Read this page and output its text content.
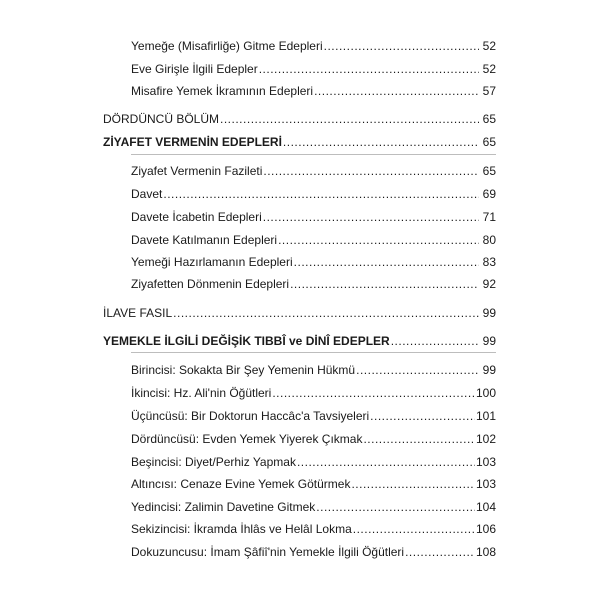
Yemeğe (Misafirliğe) Gitme Edepleri .....	52
Eve Girişle İlgili Edepler .....	52
Misafire Yemek İkramının Edepleri .....	57
DÖRDÜNCÜ BÖLÜM .....	65
ZİYAFET VERMENİN EDEPLERİ .....	65
Ziyafet Vermenin Fazileti .....	65
Davet .....	69
Davete İcabetin Edepleri .....	71
Davete Katılmanın Edepleri .....	80
Yemeği Hazırlamanın Edepleri .....	83
Ziyafetten Dönmenin Edepleri .....	92
İLAVE FASIL .....	99
YEMEKLE İLGİLİ DEĞİŞİK TIBBÎ ve DİNÎ EDEPLER .....	99
Birincisi: Sokakta Bir Şey Yemenin Hükmü .....	99
İkincisi: Hz. Ali'nin Öğütleri .....	100
Üçüncüsü: Bir Doktorun Haccâc'a Tavsiyeleri .....	101
Dördüncüsü: Evden Yemek Yiyerek Çıkmak .....	102
Beşincisi: Diyet/Perhiz Yapmak .....	103
Altıncısı: Cenaze Evine Yemek Götürmek .....	103
Yedincisi: Zalimin Davetine Gitmek .....	104
Sekizincisi: İkramda İhlâs ve Helâl Lokma .....	106
Dokuzuncusu: İmam Şâfiî'nin Yemekle İlgili Öğütleri .....	108
